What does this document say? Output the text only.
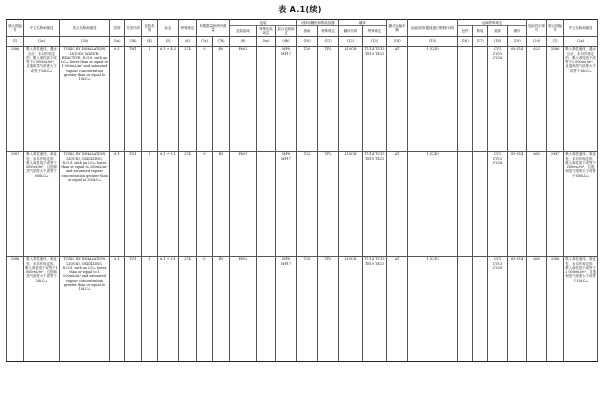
表 A.1(续)
联合国编号	中文名称和描述	英文名称和描述	类别	分类代码	包装类别	标志	特殊规定	有限数量和例外数量		包装			可移动罐柜和散装容器		罐体		罐式运输车辆	运输类别(隧道通行限制代码)	运输特殊规定				危险性识别号	联合国编号	中文名称和描述
										包装指南	特殊包装规定	混合包装规定	指南	特殊规定	罐体代码	特殊规定			包件	散装	装卸	操作			
(1)	(2a)	(2b)	(3a)	(3b)	(4)	(5)	(6)	(7a)	(7b)	(8)	(9a)	(9b)	(10)	(11)	(12)	(13)	(14)	(15)	(16)	(17)	(18)	(19)	(20)	(1)	(2a)
3386	吸入毒性液体，遇水反应，未另作规定的，吸入毒性低于或等于1 000mL/m³，且饱和蒸气浓度大于或等于10LC₅₀	TOXIC BY INHALATION LIQUID, WATER-REACTIVE, N.O.S. with an LC₅₀ lower than or equal to 1 000mL/m³ and saturated vapour concentration greater than or equal to 10LC₅₀	6.1	TW1	I	6.1 + 4.3	274	0	E0	P602		MP8 MP17	T20	TP2	L10CH	TU14 TU15 TE19 TE21	AT	1 (C/D)			CV1 CV13 CV28	S9 S14	623	3386	吸入毒性液体，遇水反应，未另作规定的，吸入毒性低于或等于1 000mL/m³，且饱和蒸气浓度大于或等于10LC₅₀
3387	吸入毒性液体，氧化性，未另作规定的，吸入毒性低于或等于200mL/m³，且饱和蒸气浓度大于或等于500LC₅₀	TOXIC BY INHALATION LIQUID, OXIDIZING, N.O.S. with an LC₅₀ lower than or equal to 200mL/m³ and saturated vapour concentration greater than or equal to 500LC₅₀	6.1	TO1	I	6.1 + 5.1	274	0	E0	P601		MP8 MP17	T22	TP2	L15CH	TU14 TU15 TE19 TE21	AT	1 (C/D)			CV1 CV13 CV28	S9 S14	665	3387	吸入毒性液体，氧化性，未另作规定的，吸入毒性低于或等于200mL/m³，且饱和蒸气浓度大于或等于500LC₅₀
3388	吸入毒性液体，氧化性，未另作规定的，吸入毒性低于或等于1 000mL/m³，且饱和蒸气浓度大于或等于10LC₅₀	TOXIC BY INHALATION LIQUID, OXIDIZING, N.O.S. with an LC₅₀ lower than or equal to 1 000mL/m³ and saturated vapour concentration greater than or equal to 10LC₅₀	6.1	TO1	I	6.1 + 5.1	274	0	E0	P602		MP8 MP17	T20	TP2	L10CH	TU14 TU15 TE19 TE21	AT	1 (C/D)			CV1 CV13 CV28	S9 S14	665	3388	吸入毒性液体，氧化性，未另作规定的，吸入毒性低于或等于1 000mL/m³，且饱和蒸气浓度大于或等于10LC₅₀
